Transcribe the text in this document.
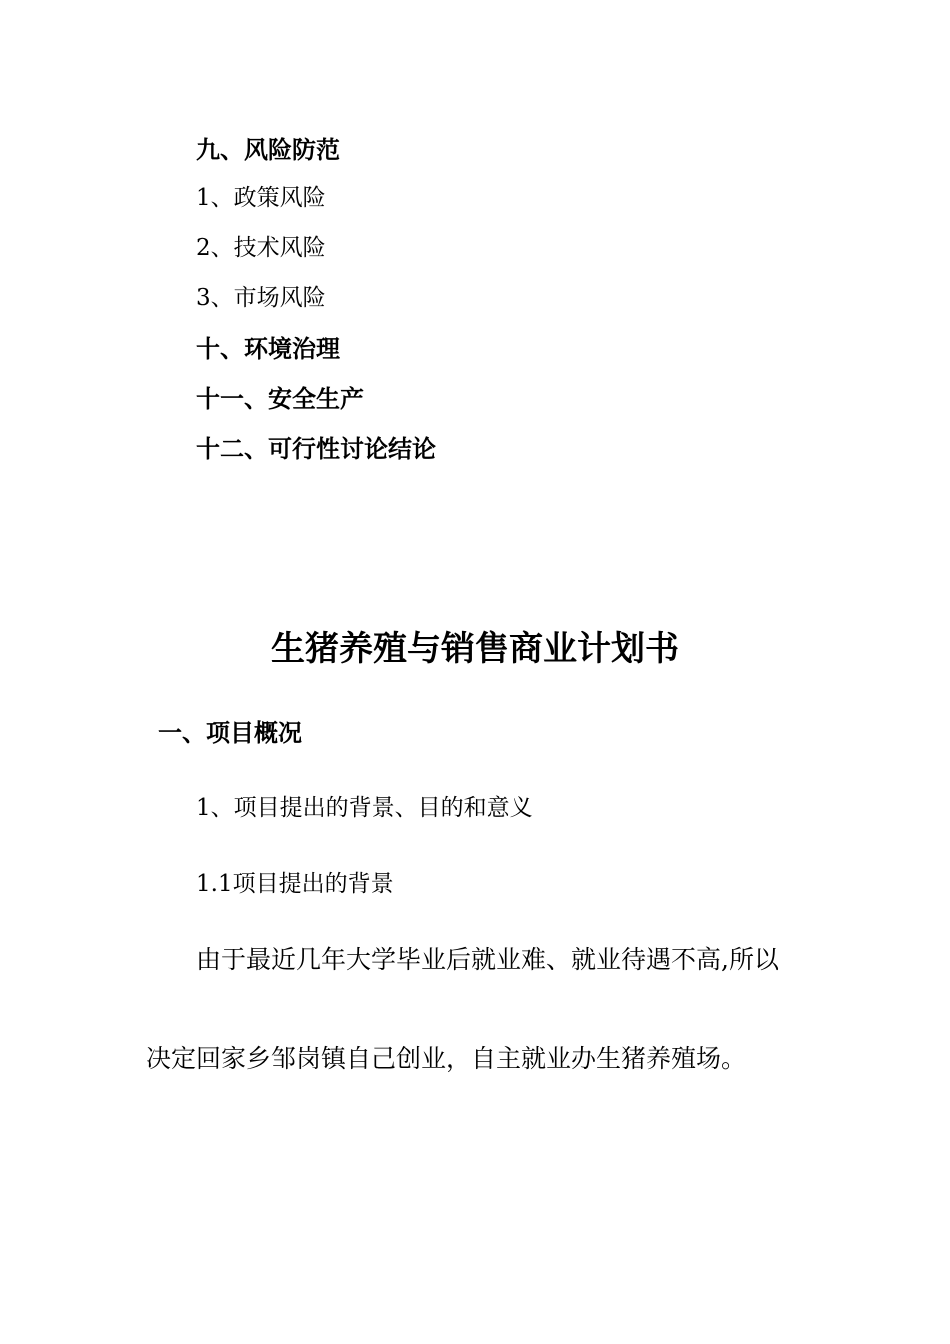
九、风险防范
1、政策风险
2、技术风险
3、市场风险
十、环境治理
十一、安全生产
十二、可行性讨论结论
生猪养殖与销售商业计划书
一、项目概况
1、项目提出的背景、目的和意义
1.1项目提出的背景
由于最近几年大学毕业后就业难、就业待遇不高,所以
决定回家乡邹岗镇自己创业，自主就业办生猪养殖场。
